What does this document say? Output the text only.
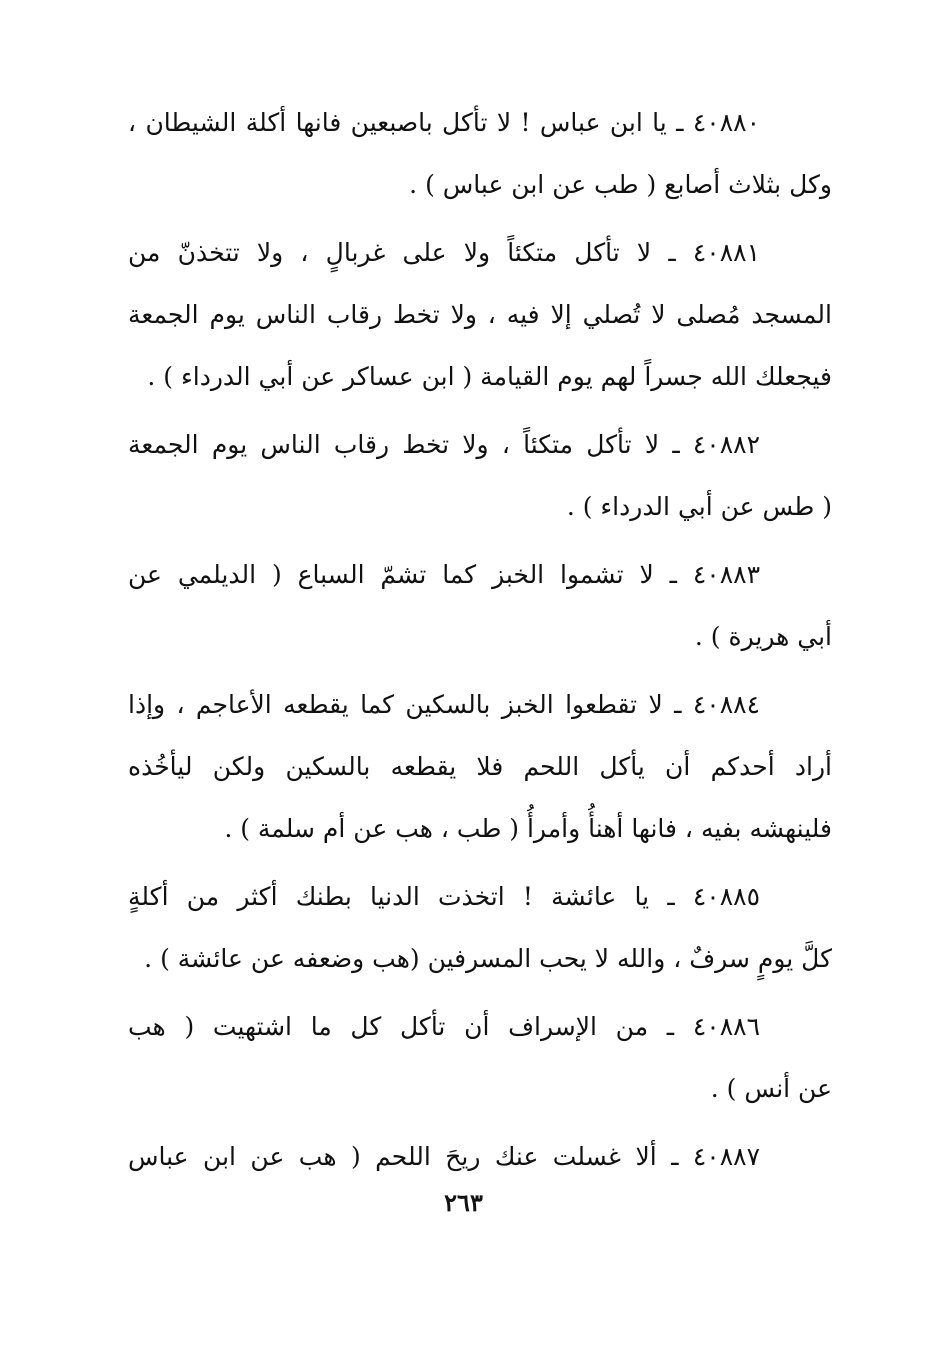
٤٠٨٨٠ ـ يا ابن عباس ! لا تأكل باصبعين فانها أكلة الشيطان ،
وكل بثلاث أصابع ( طب عن ابن عباس ) .
٤٠٨٨١ ـ لا تأكل متكئاً ولا على غربالٍ ، ولا تتخذنّ من
المسجد مُصلى لا تُصلي إلا فيه ، ولا تخط رقاب الناس يوم الجمعة
فيجعلك الله جسراً لهم يوم القيامة ( ابن عساكر عن أبي الدرداء ) .
٤٠٨٨٢ ـ لا تأكل متكئاً ، ولا تخط رقاب الناس يوم الجمعة
( طس عن أبي الدرداء ) .
٤٠٨٨٣ ـ لا تشموا الخبز كما تشمّ السباع ( الديلمي عن
أبي هريرة ) .
٤٠٨٨٤ ـ لا تقطعوا الخبز بالسكين كما يقطعه الأعاجم ، وإذا
أراد أحدكم أن يأكل اللحم فلا يقطعه بالسكين ولكن ليأخُذه
فلينهشه بفيه ، فانها أهنأُ وأمرأُ ( طب ، هب عن أم سلمة ) .
٤٠٨٨٥ ـ يا عائشة ! اتخذت الدنيا بطنك أكثر من أكلةٍ
كلَّ يومٍ سرفٌ ، والله لا يحب المسرفين (هب وضعفه عن عائشة ) .
٤٠٨٨٦ ـ من الإسراف أن تأكل كل ما اشتهيت ( هب
عن أنس ) .
٤٠٨٨٧ ـ ألا غسلت عنك ريحَ اللحم ( هب عن ابن عباس
٢٦٣
